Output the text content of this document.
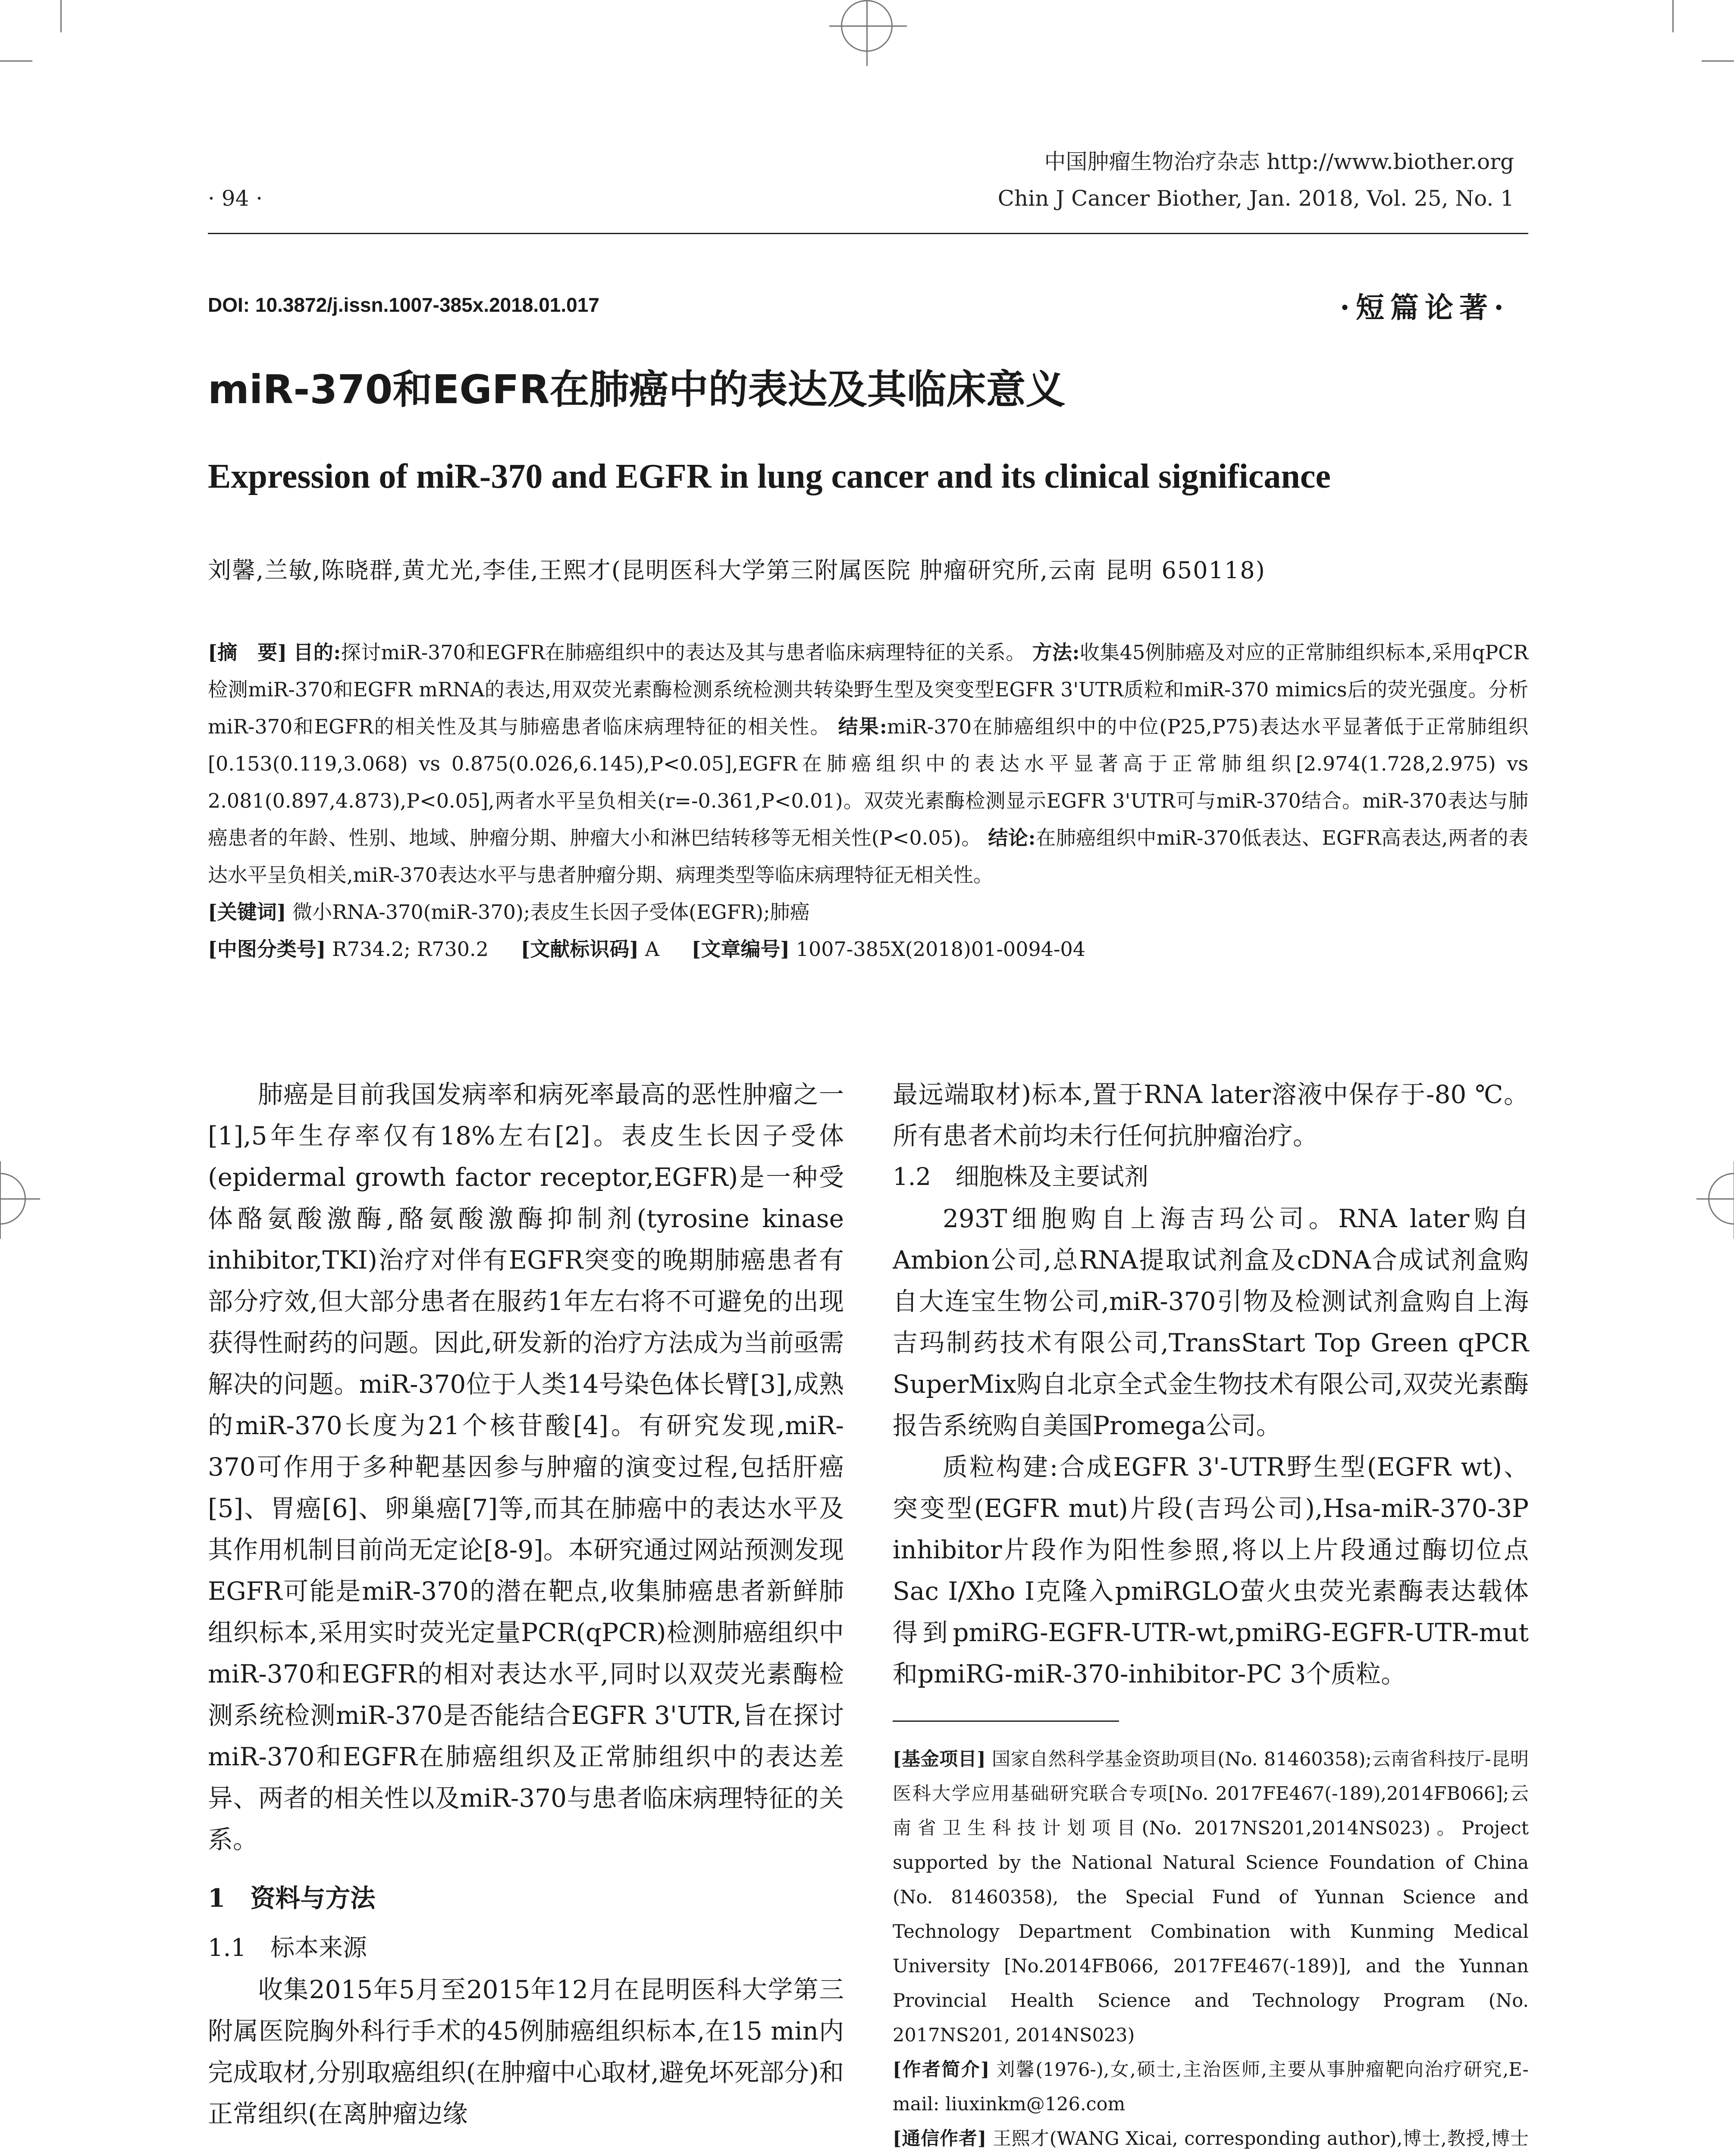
中国肿瘤生物治疗杂志 http://www.biother.org
· 94 ·	Chin J Cancer Biother, Jan. 2018, Vol. 25, No. 1
DOI: 10.3872/j.issn.1007-385x.2018.01.017	·短篇论著·
miR-370和EGFR在肺癌中的表达及其临床意义
Expression of miR-370 and EGFR in lung cancer and its clinical significance
刘馨,兰敏,陈晓群,黄尤光,李佳,王熙才(昆明医科大学第三附属医院 肿瘤研究所,云南 昆明 650118)

[摘　要] 目的:探讨miR-370和EGFR在肺癌组织中的表达及其与患者临床病理特征的关系。 方法:收集45例肺癌及对应的正常肺组织标本,采用qPCR检测miR-370和EGFR mRNA的表达,用双荧光素酶检测系统检测共转染野生型及突变型EGFR 3'UTR质粒和miR-370 mimics后的荧光强度。分析miR-370和EGFR的相关性及其与肺癌患者临床病理特征的相关性。 结果:miR-370在肺癌组织中的中位(P25,P75)表达水平显著低于正常肺组织[0.153(0.119,3.068) vs 0.875(0.026,6.145),P<0.05],EGFR在肺癌组织中的表达水平显著高于正常肺组织[2.974(1.728,2.975) vs 2.081(0.897,4.873),P<0.05],两者水平呈负相关(r=-0.361,P<0.01)。双荧光素酶检测显示EGFR 3'UTR可与miR-370结合。miR-370表达与肺癌患者的年龄、性别、地域、肿瘤分期、肿瘤大小和淋巴结转移等无相关性(P<0.05)。 结论:在肺癌组织中miR-370低表达、EGFR高表达,两者的表达水平呈负相关,miR-370表达水平与患者肿瘤分期、病理类型等临床病理特征无相关性。

[关键词] 微小RNA-370(miR-370);表皮生长因子受体(EGFR);肺癌

[中图分类号] R734.2; R730.2 [文献标识码] A [文章编号] 1007-385X(2018)01-0094-04

肺癌是目前我国发病率和病死率最高的恶性肿瘤之一[1],5年生存率仅有18%左右[2]。表皮生长因子受体(epidermal growth factor receptor,EGFR)是一种受体酪氨酸激酶,酪氨酸激酶抑制剂(tyrosine kinase inhibitor,TKI)治疗对伴有EGFR突变的晚期肺癌患者有部分疗效,但大部分患者在服药1年左右将不可避免的出现获得性耐药的问题。因此,研发新的治疗方法成为当前亟需解决的问题。miR-370位于人类14号染色体长臂[3],成熟的miR-370长度为21个核苷酸[4]。有研究发现,miR-370可作用于多种靶基因参与肿瘤的演变过程,包括肝癌[5]、胃癌[6]、卵巢癌[7]等,而其在肺癌中的表达水平及其作用机制目前尚无定论[8-9]。本研究通过网站预测发现EGFR可能是miR-370的潜在靶点,收集肺癌患者新鲜肺组织标本,采用实时荧光定量PCR(qPCR)检测肺癌组织中miR-370和EGFR的相对表达水平,同时以双荧光素酶检测系统检测miR-370是否能结合EGFR 3'UTR,旨在探讨miR-370和EGFR在肺癌组织及正常肺组织中的表达差异、两者的相关性以及miR-370与患者临床病理特征的关系。

1　资料与方法

1.1　标本来源

收集2015年5月至2015年12月在昆明医科大学第三附属医院胸外科行手术的45例肺癌组织标本,在15 min内完成取材,分别取癌组织(在肿瘤中心取材,避免坏死部分)和正常组织(在离肿瘤边缘

最远端取材)标本,置于RNA later溶液中保存于-80 ℃。所有患者术前均未行任何抗肿瘤治疗。

1.2　细胞株及主要试剂

293T细胞购自上海吉玛公司。RNA later购自Ambion公司,总RNA提取试剂盒及cDNA合成试剂盒购自大连宝生物公司,miR-370引物及检测试剂盒购自上海吉玛制药技术有限公司,TransStart Top Green qPCR SuperMix购自北京全式金生物技术有限公司,双荧光素酶报告系统购自美国Promega公司。

质粒构建:合成EGFR 3'-UTR野生型(EGFR wt)、突变型(EGFR mut)片段(吉玛公司),Hsa-miR-370-3P inhibitor片段作为阳性参照,将以上片段通过酶切位点Sac I/Xho I克隆入pmiRGLO萤火虫荧光素酶表达载体得到pmiRG-EGFR-UTR-wt,pmiRG-EGFR-UTR-mut和pmiRG-miR-370-inhibitor-PC 3个质粒。

[基金项目] 国家自然科学基金资助项目(No. 81460358);云南省科技厅-昆明医科大学应用基础研究联合专项[No. 2017FE467(-189),2014FB066];云南省卫生科技计划项目(No. 2017NS201,2014NS023)。Project supported by the National Natural Science Foundation of China (No. 81460358), the Special Fund of Yunnan Science and Technology Department Combination with Kunming Medical University [No.2014FB066, 2017FE467(-189)], and the Yunnan Provincial Health Science and Technology Program (No. 2017NS201, 2014NS023)

[作者简介] 刘馨(1976-),女,硕士,主治医师,主要从事肿瘤靶向治疗研究,E-mail: liuxinkm@126.com

[通信作者] 王熙才(WANG Xicai, corresponding author),博士,教授,博士
